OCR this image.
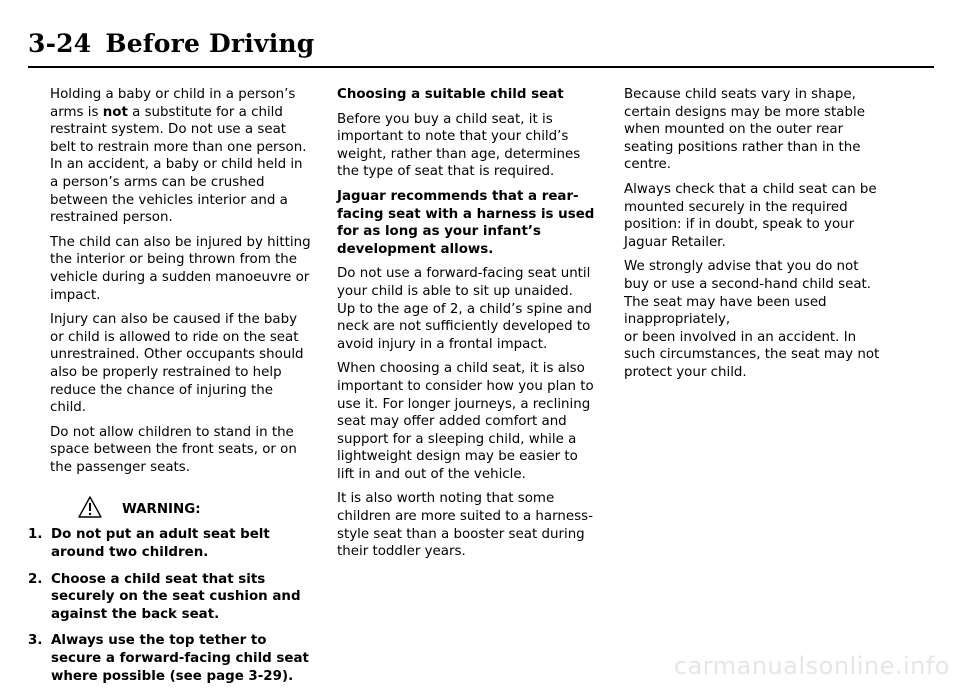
3-24 Before Driving

Holding a baby or child in a person’s arms is not a substitute for a child restraint system. Do not use a seat belt to restrain more than one person.

In an accident, a baby or child held in a person’s arms can be crushed between the vehicles interior and a restrained person.

The child can also be injured by hitting the interior or being thrown from the vehicle during a sudden manoeuvre or impact.

Injury can also be caused if the baby or child is allowed to ride on the seat unrestrained. Other occupants should also be properly restrained to help reduce the chance of injuring the child.

Do not allow children to stand in the space between the front seats, or on the passenger seats.

WARNING:
1. Do not put an adult seat belt around two children.
2. Choose a child seat that sits securely on the seat cushion and against the back seat.
3. Always use the top tether to secure a forward-facing child seat where possible (see page 3-29).

Choosing a suitable child seat

Before you buy a child seat, it is important to note that your child’s weight, rather than age, determines the type of seat that is required.

Jaguar recommends that a rear-facing seat with a harness is used for as long as your infant’s development allows.

Do not use a forward-facing seat until your child is able to sit up unaided.

Up to the age of 2, a child’s spine and neck are not sufficiently developed to avoid injury in a frontal impact.

When choosing a child seat, it is also important to consider how you plan to use it. For longer journeys, a reclining seat may offer added comfort and support for a sleeping child, while a lightweight design may be easier to lift in and out of the vehicle.

It is also worth noting that some children are more suited to a harness-style seat than a booster seat during their toddler years.

Because child seats vary in shape, certain designs may be more stable when mounted on the outer rear seating positions rather than in the centre.

Always check that a child seat can be mounted securely in the required position: if in doubt, speak to your Jaguar Retailer.

We strongly advise that you do not buy or use a second-hand child seat. The seat may have been used inappropriately,

or been involved in an accident. In such circumstances, the seat may not protect your child.

carmanualsonline.info
